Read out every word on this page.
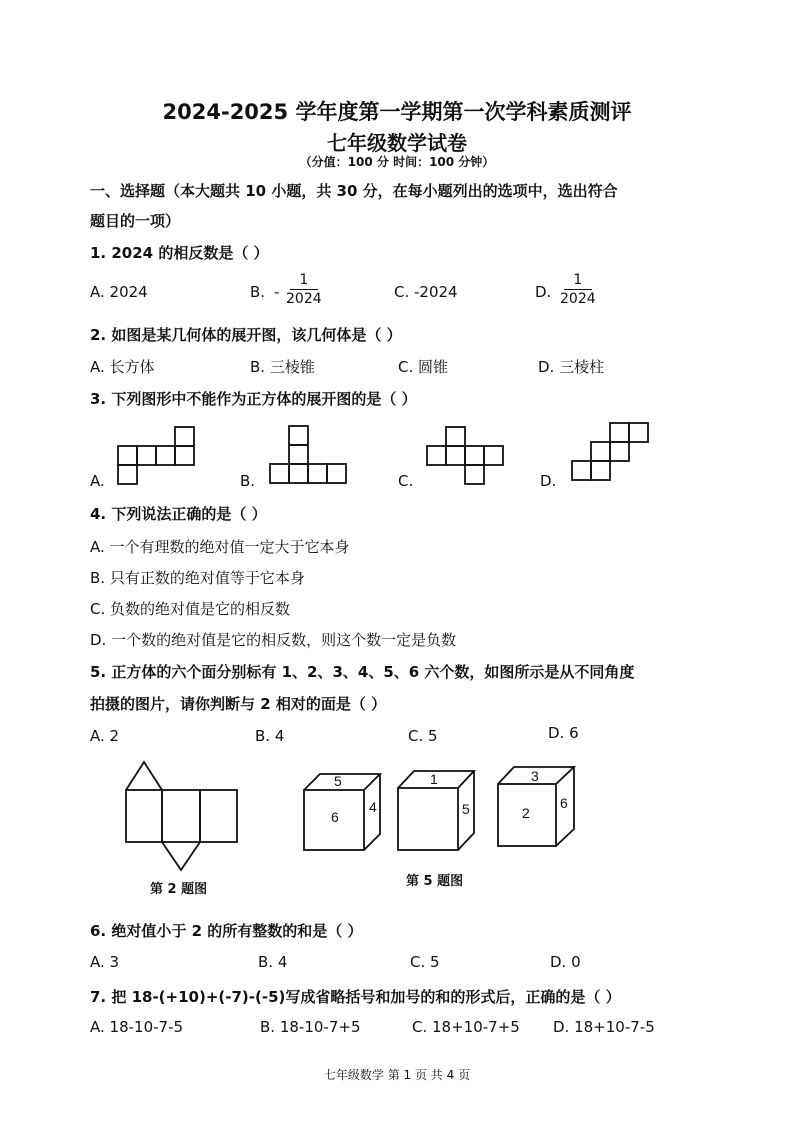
2024-2025 学年度第一学期第一次学科素质测评
七年级数学试卷
（分值：100 分 时间：100 分钟）
一、选择题（本大题共 10 小题，共 30 分，在每小题列出的选项中，选出符合
题目的一项）
1. 2024 的相反数是（ ）
A. 2024	B. -
1
2024	C. -2024	D.
1
2024
2. 如图是某几何体的展开图，该几何体是（ ）
A. 长方体	B. 三棱锥	C. 圆锥	D. 三棱柱
3. 下列图形中不能作为正方体的展开图的是（ ）
A.	B.	C.	D.
4. 下列说法正确的是（ ）
A. 一个有理数的绝对值一定大于它本身
B. 只有正数的绝对值等于它本身
C. 负数的绝对值是它的相反数
D. 一个数的绝对值是它的相反数，则这个数一定是负数
5. 正方体的六个面分别标有 1、2、3、4、5、6 六个数，如图所示是从不同角度
拍摄的图片，请你判断与 2 相对的面是（ ）
A. 2	B. 4	C. 5	D. 6
5
6
4
1
5
3
2
6
第 2 题图
第 5 题图
6. 绝对值小于 2 的所有整数的和是（ ）
A. 3	B. 4	C. 5	D. 0
7. 把 18-(+10)+(-7)-(-5)写成省略括号和加号的和的形式后，正确的是（ ）
A. 18-10-7-5	B. 18-10-7+5	C. 18+10-7+5 D. 18+10-7-5
七年级数学 第 1 页 共 4 页
